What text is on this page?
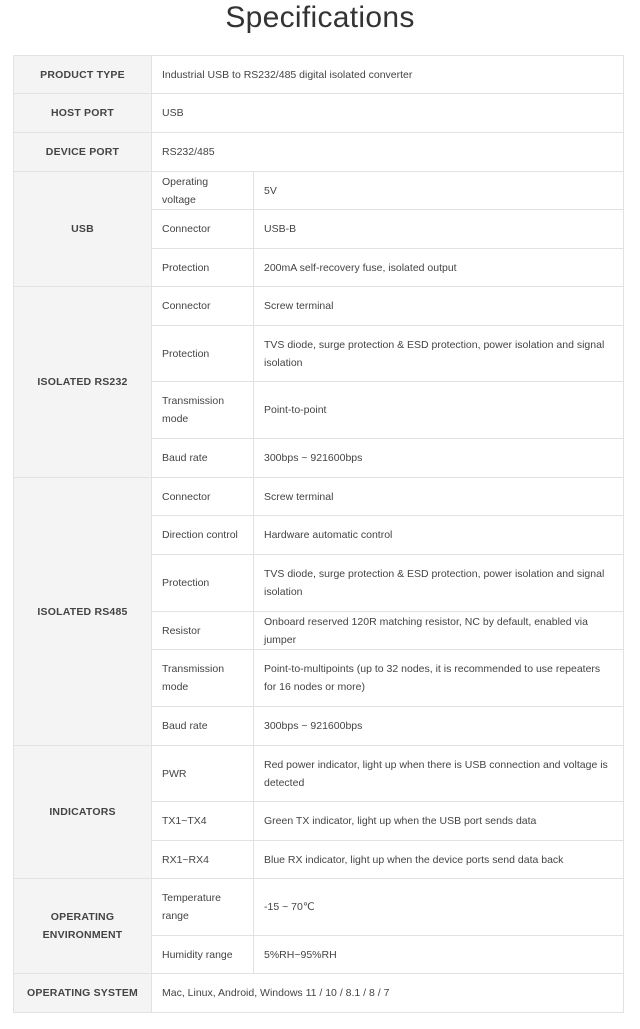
Specifications
PRODUCT TYPE	Industrial USB to RS232/485 digital isolated converter	
HOST PORT	USB	
DEVICE PORT	RS232/485	
USB	Operating voltage	5V
	Connector	USB-B
	Protection	200mA self-recovery fuse, isolated output
ISOLATED RS232	Connector	Screw terminal
	Protection	TVS diode, surge protection & ESD protection, power isolation and signal isolation
	Transmission mode	Point-to-point
	Baud rate	300bps ~ 921600bps
ISOLATED RS485	Connector	Screw terminal
	Direction control	Hardware automatic control
	Protection	TVS diode, surge protection & ESD protection, power isolation and signal isolation
	Resistor	Onboard reserved 120R matching resistor, NC by default, enabled via jumper
	Transmission mode	Point-to-multipoints (up to 32 nodes, it is recommended to use repeaters for 16 nodes or more)
	Baud rate	300bps ~ 921600bps
INDICATORS	PWR	Red power indicator, light up when there is USB connection and voltage is detected
	TX1~TX4	Green TX indicator, light up when the USB port sends data
	RX1~RX4	Blue RX indicator, light up when the device ports send data back
OPERATING ENVIRONMENT	Temperature range	-15 ~ 70℃
	Humidity range	5%RH~95%RH
OPERATING SYSTEM	Mac, Linux, Android, Windows 11 / 10 / 8.1 / 8 / 7	
